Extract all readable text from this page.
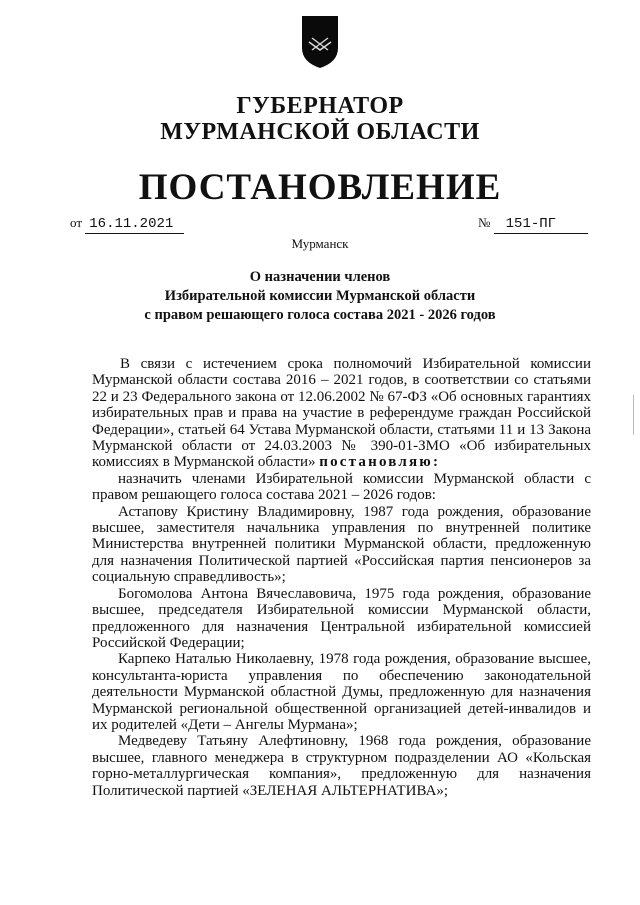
ГУБЕРНАТОР
МУРМАНСКОЙ ОБЛАСТИ
ПОСТАНОВЛЕНИЕ
от 16.11.2021	№ 151-ПГ
Мурманск
О назначении членов
Избирательной комиссии Мурманской области
с правом решающего голоса состава 2021 - 2026 годов

В связи с истечением срока полномочий Избирательной комиссии Мурманской области состава 2016 – 2021 годов, в соответствии со статьями 22 и 23 Федерального закона от 12.06.2002 № 67-ФЗ «Об основных гарантиях избирательных прав и права на участие в референдуме граждан Российской Федерации», статьей 64 Устава Мурманской области, статьями 11 и 13 Закона Мурманской области от 24.03.2003 № 390-01-ЗМО «Об избирательных комиссиях в Мурманской области» постановляю:

назначить членами Избирательной комиссии Мурманской области с правом решающего голоса состава 2021 – 2026 годов:

Астапову Кристину Владимировну, 1987 года рождения, образование высшее, заместителя начальника управления по внутренней политике Министерства внутренней политики Мурманской области, предложенную для назначения Политической партией «Российская партия пенсионеров за социальную справедливость»;

Богомолова Антона Вячеславовича, 1975 года рождения, образование высшее, председателя Избирательной комиссии Мурманской области, предложенного для назначения Центральной избирательной комиссией Российской Федерации;

Карпеко Наталью Николаевну, 1978 года рождения, образование высшее, консультанта-юриста управления по обеспечению законодательной деятельности Мурманской областной Думы, предложенную для назначения Мурманской региональной общественной организацией детей-инвалидов и их родителей «Дети – Ангелы Мурмана»;

Медведеву Татьяну Алефтиновну, 1968 года рождения, образование высшее, главного менеджера в структурном подразделении АО «Кольская горно-металлургическая компания», предложенную для назначения Политической партией «ЗЕЛЕНАЯ АЛЬТЕРНАТИВА»;
